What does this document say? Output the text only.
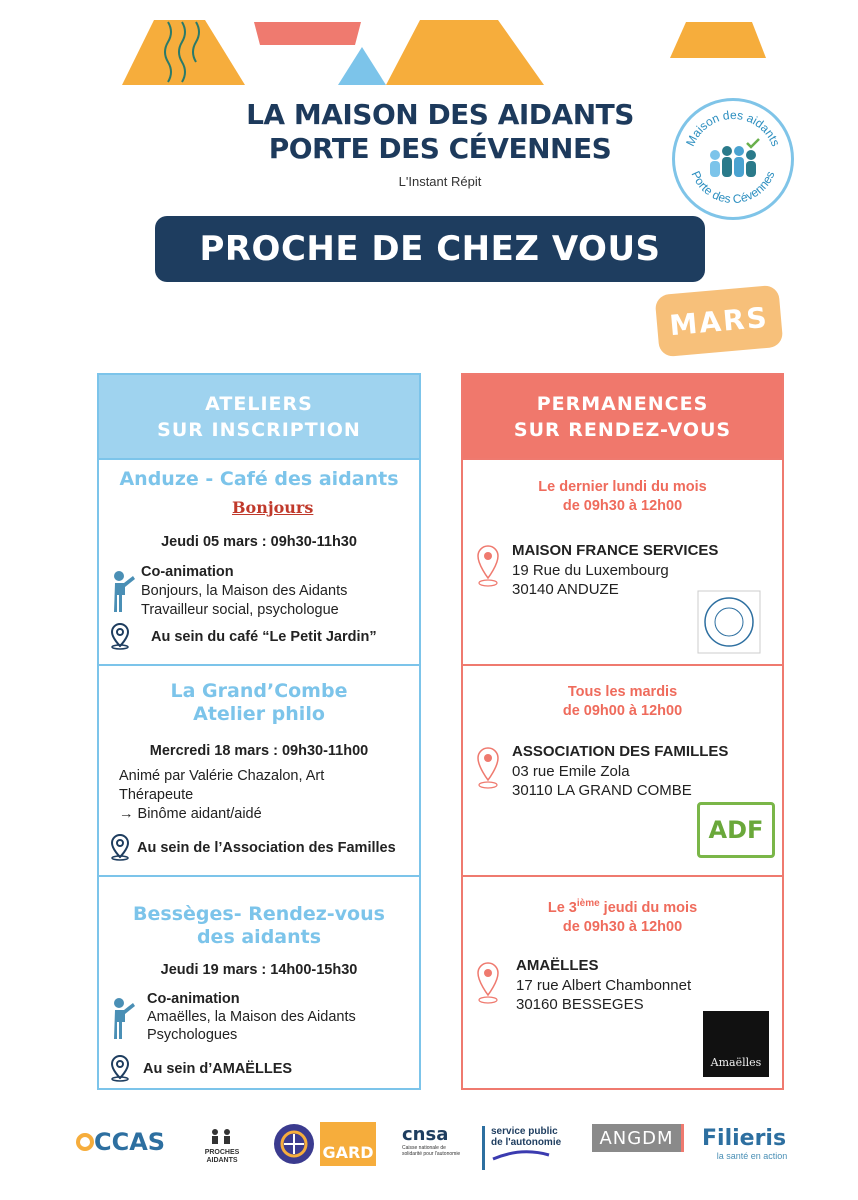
LA MAISON DES AIDANTS
PORTE DES CÉVENNES
L'Instant Répit
Maison des aidants
Porte des Cévennes
PROCHE DE CHEZ VOUS
MARS
ATELIERS
SUR INSCRIPTION
Anduze - Café des aidants
Bonjours
Jeudi 05 mars : 09h30-11h30
Co-animation
Bonjours, la Maison des Aidants
Travailleur social, psychologue
Au sein du café “Le Petit Jardin”
La Grand’Combe
Atelier philo
Mercredi 18 mars : 09h30-11h00
Animé par Valérie Chazalon, Art
Thérapeute
→ Binôme aidant/aidé
Au sein de l’Association des Familles
Bessèges- Rendez-vous
des aidants
Jeudi 19 mars : 14h00-15h30
Co-animation
Amaëlles, la Maison des Aidants
Psychologues
Au sein d’AMAËLLES
PERMANENCES
SUR RENDEZ-VOUS
Le dernier lundi du mois
de 09h30 à 12h00
MAISON FRANCE SERVICES
19 Rue du Luxembourg
30140 ANDUZE
Tous les mardis
de 09h00 à 12h00
ASSOCIATION DES FAMILLES
03 rue Emile Zola
30110 LA GRAND COMBE
ADF
Le 3ième jeudi du mois
de 09h30 à 12h00
AMAËLLES
17 rue Albert Chambonnet
30160 BESSEGES
Amaëlles
CCAS	PROCHES AIDANTS	GARD
cnsa
Caisse nationale de solidarité pour l'autonomie
service public
de l'autonomie	ANGDM Filieris
la santé en action
